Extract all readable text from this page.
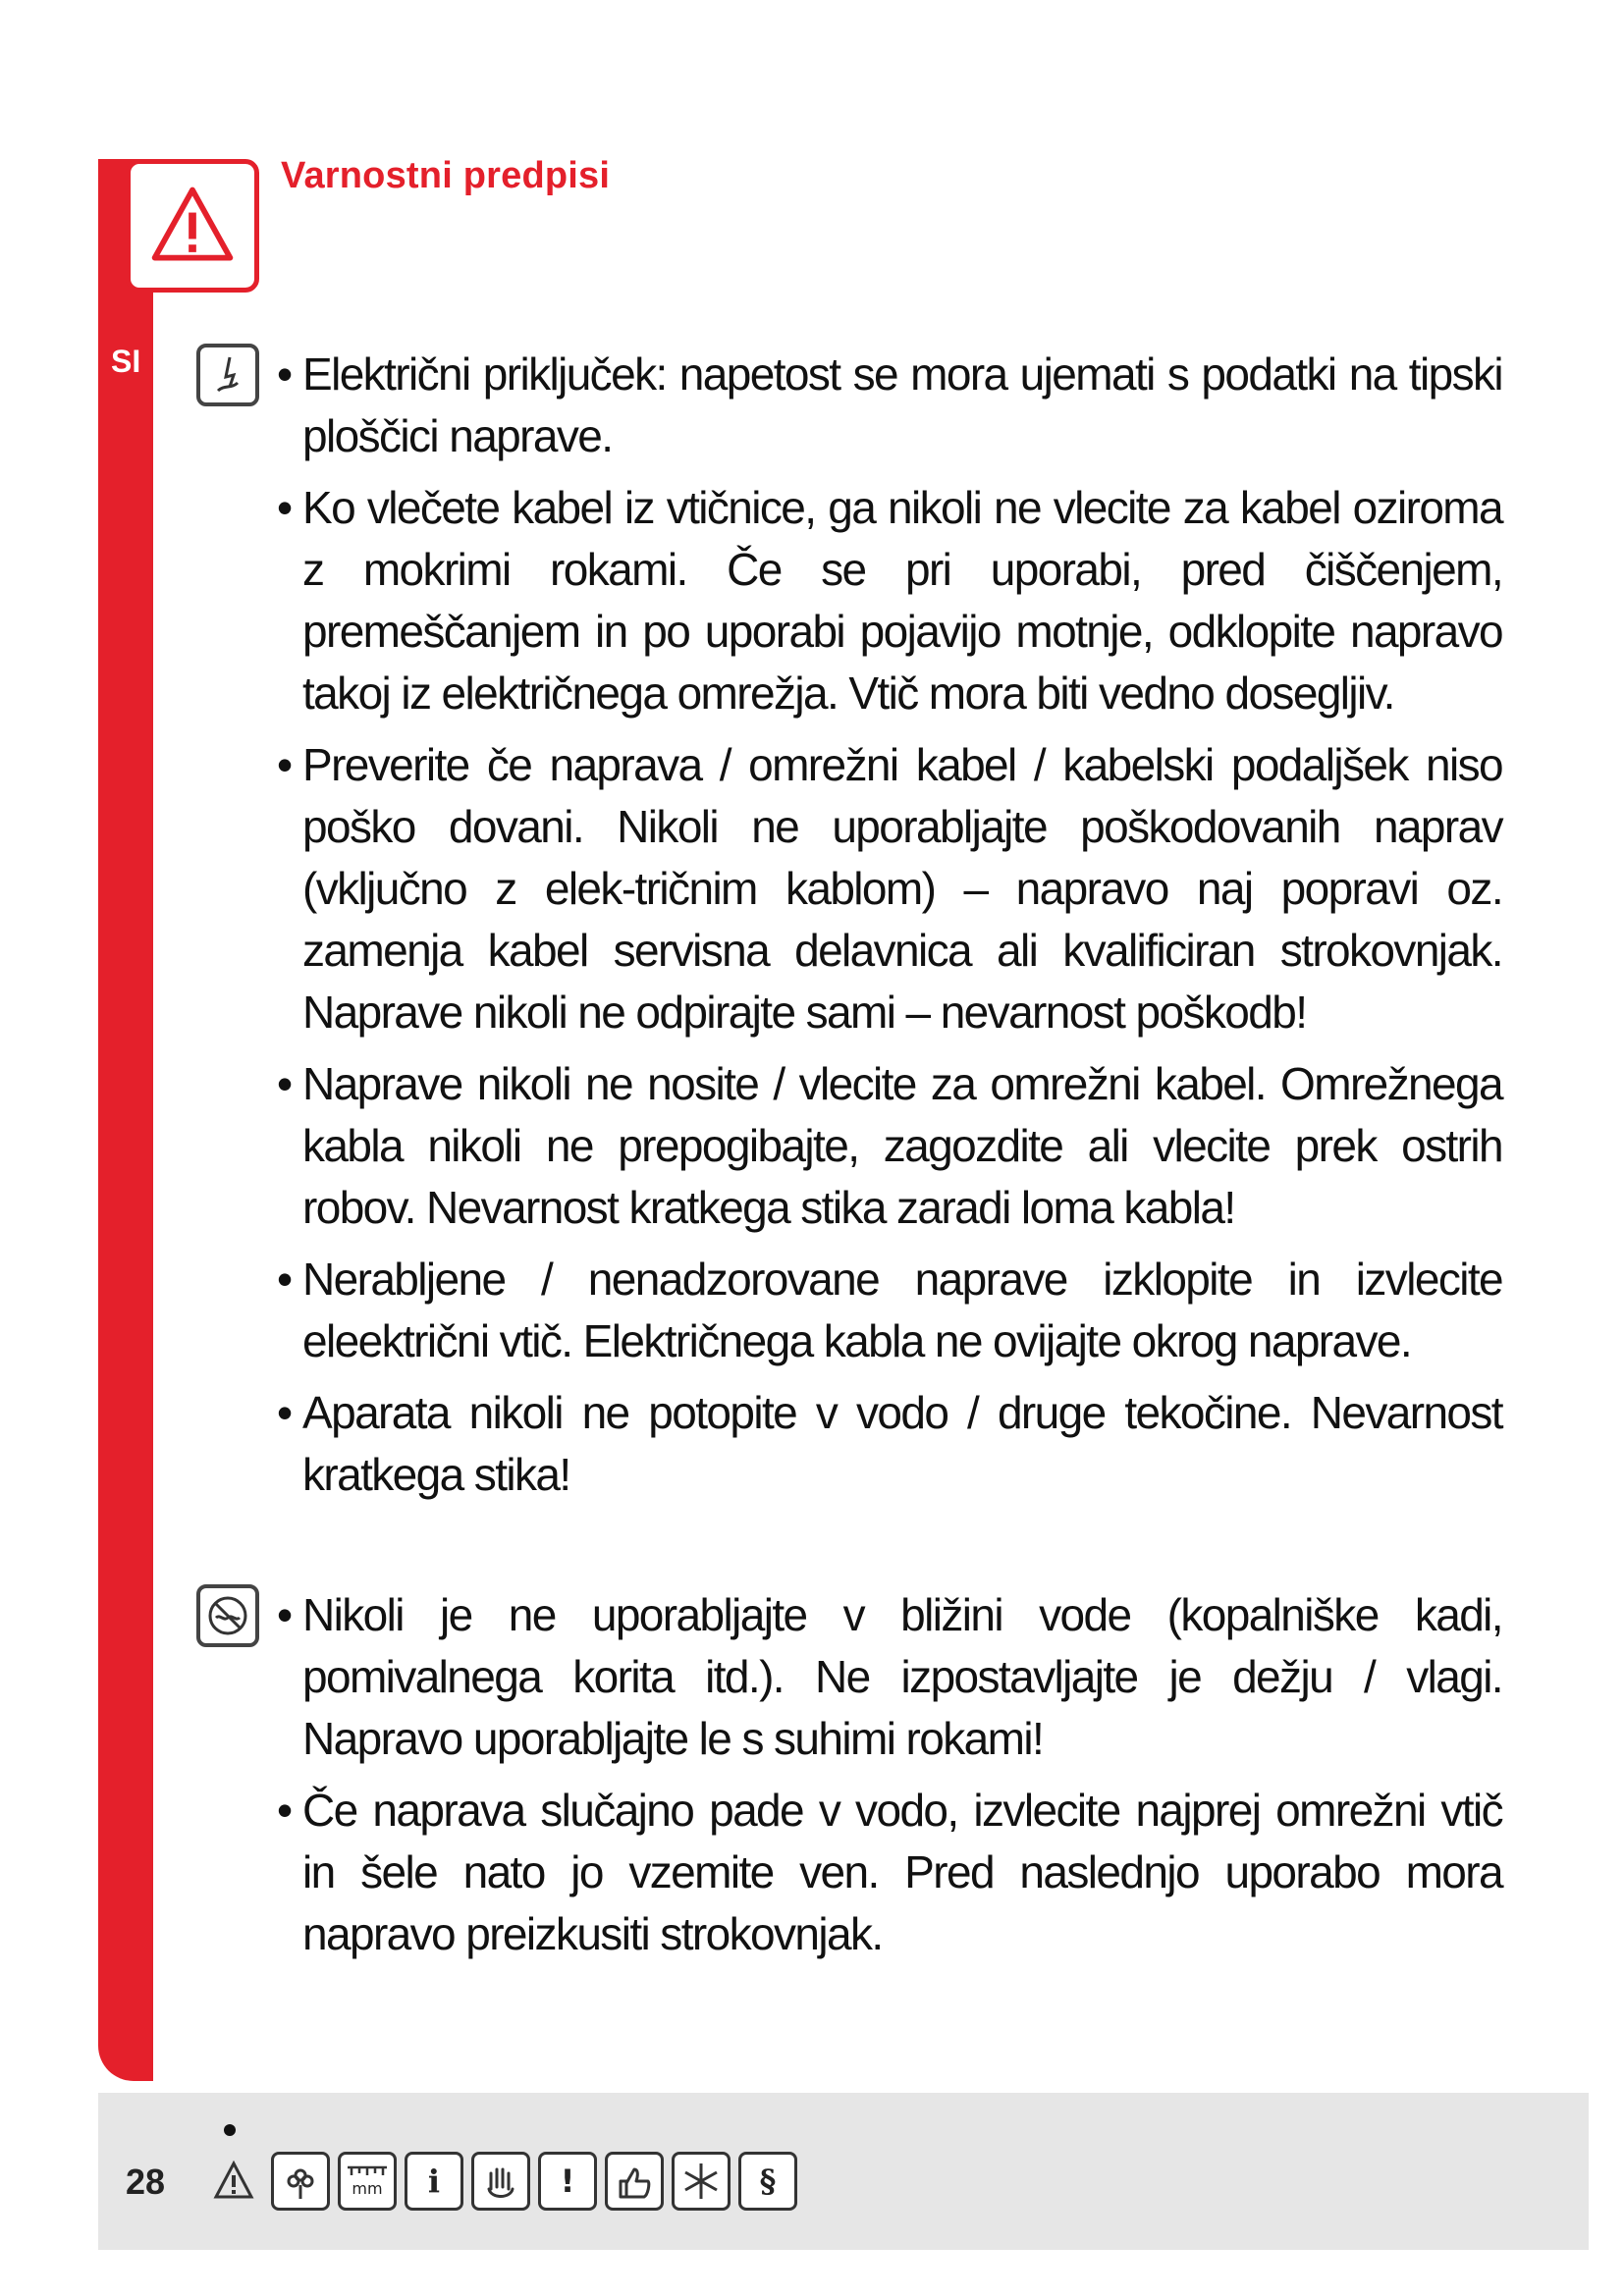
Varnostni predpisi
SI
•	Električni priključek: napetost se mora ujemati s podatki na tipski ploščici naprave.
• Ko vlečete kabel iz vtičnice, ga nikoli ne vlecite za kabel oziroma z mokrimi rokami. Če se pri uporabi, pred čiščenjem, premeščanjem in po uporabi pojavijo motnje, odklopite napravo takoj iz električnega omrežja. Vtič mora biti vedno dosegljiv.
• Preverite če naprava / omrežni kabel / kabelski podaljšek niso poško dovani. Nikoli ne uporabljajte poškodovanih naprav (vključno z elek-tričnim kablom) – napravo naj popravi oz. zamenja kabel servisna delavnica ali kvalificiran strokovnjak. Naprave nikoli ne odpirajte sami – nevarnost poškodb!
• Naprave nikoli ne nosite / vlecite za omrežni kabel. Omrežnega kabla nikoli ne prepogibajte, zagozdite ali vlecite prek ostrih robov. Nevarnost kratkega stika zaradi loma kabla!
• Nerabljene / nenadzorovane naprave izklopite in izvlecite eleektrični vtič. Električnega kabla ne ovijajte okrog naprave.
• Aparata nikoli ne potopite v vodo / druge tekočine. Nevarnost kratkega stika!
• Nikoli je ne uporabljajte v bližini vode (kopalniške kadi, pomivalnega korita itd.). Ne izpostavljajte je dežju / vlagi. Napravo uporabljajte le s suhimi rokami!
• Če naprava slučajno pade v vodo, izvlecite najprej omrežni vtič in šele nato jo vzemite ven. Pred naslednjo uporabo mora napravo preizkusiti strokovnjak.
28	mm i	!	§
